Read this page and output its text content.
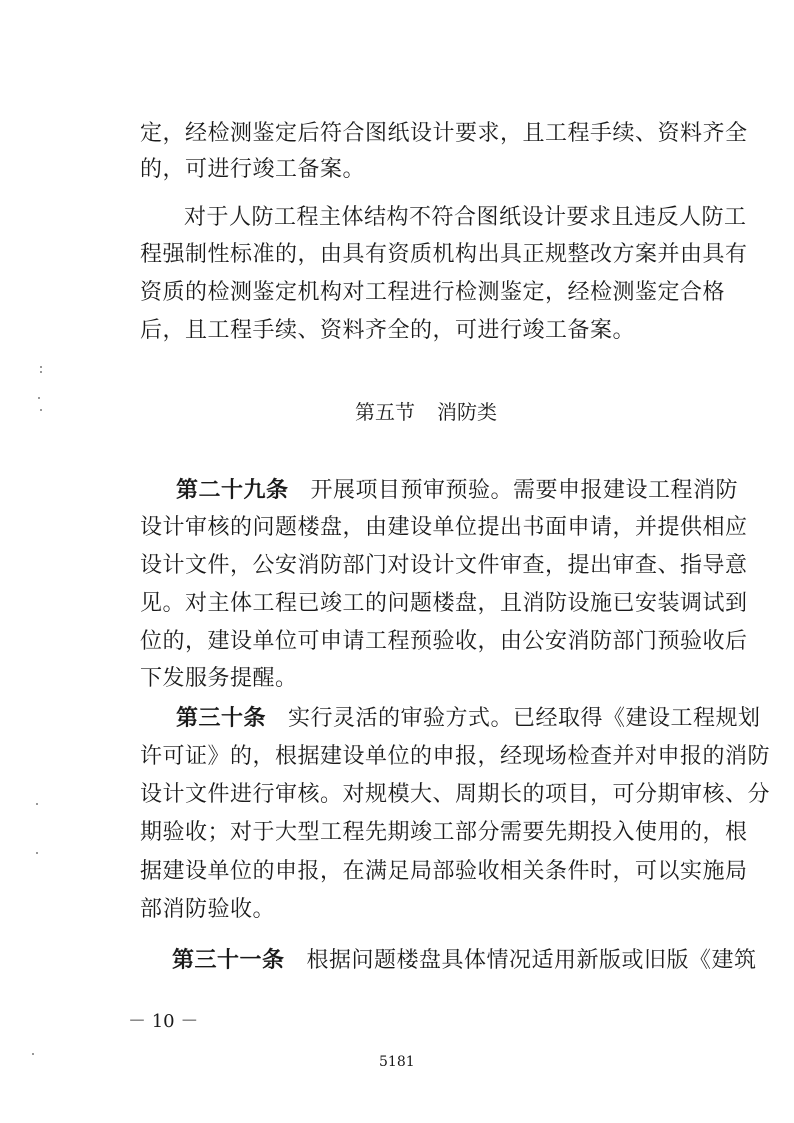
定，经检测鉴定后符合图纸设计要求，且工程手续、资料齐全
的，可进行竣工备案。
对于人防工程主体结构不符合图纸设计要求且违反人防工
程强制性标准的，由具有资质机构出具正规整改方案并由具有
资质的检测鉴定机构对工程进行检测鉴定，经检测鉴定合格
后，且工程手续、资料齐全的，可进行竣工备案。
第五节 消防类
第二十九条 开展项目预审预验。需要申报建设工程消防
设计审核的问题楼盘，由建设单位提出书面申请，并提供相应
设计文件，公安消防部门对设计文件审查，提出审查、指导意
见。对主体工程已竣工的问题楼盘，且消防设施已安装调试到
位的，建设单位可申请工程预验收，由公安消防部门预验收后
下发服务提醒。
第三十条 实行灵活的审验方式。已经取得《建设工程规划
许可证》的，根据建设单位的申报，经现场检查并对申报的消防
设计文件进行审核。对规模大、周期长的项目，可分期审核、分
期验收；对于大型工程先期竣工部分需要先期投入使用的，根
据建设单位的申报，在满足局部验收相关条件时，可以实施局
部消防验收。
第三十一条 根据问题楼盘具体情况适用新版或旧版《建筑
－ 10 －
5181
